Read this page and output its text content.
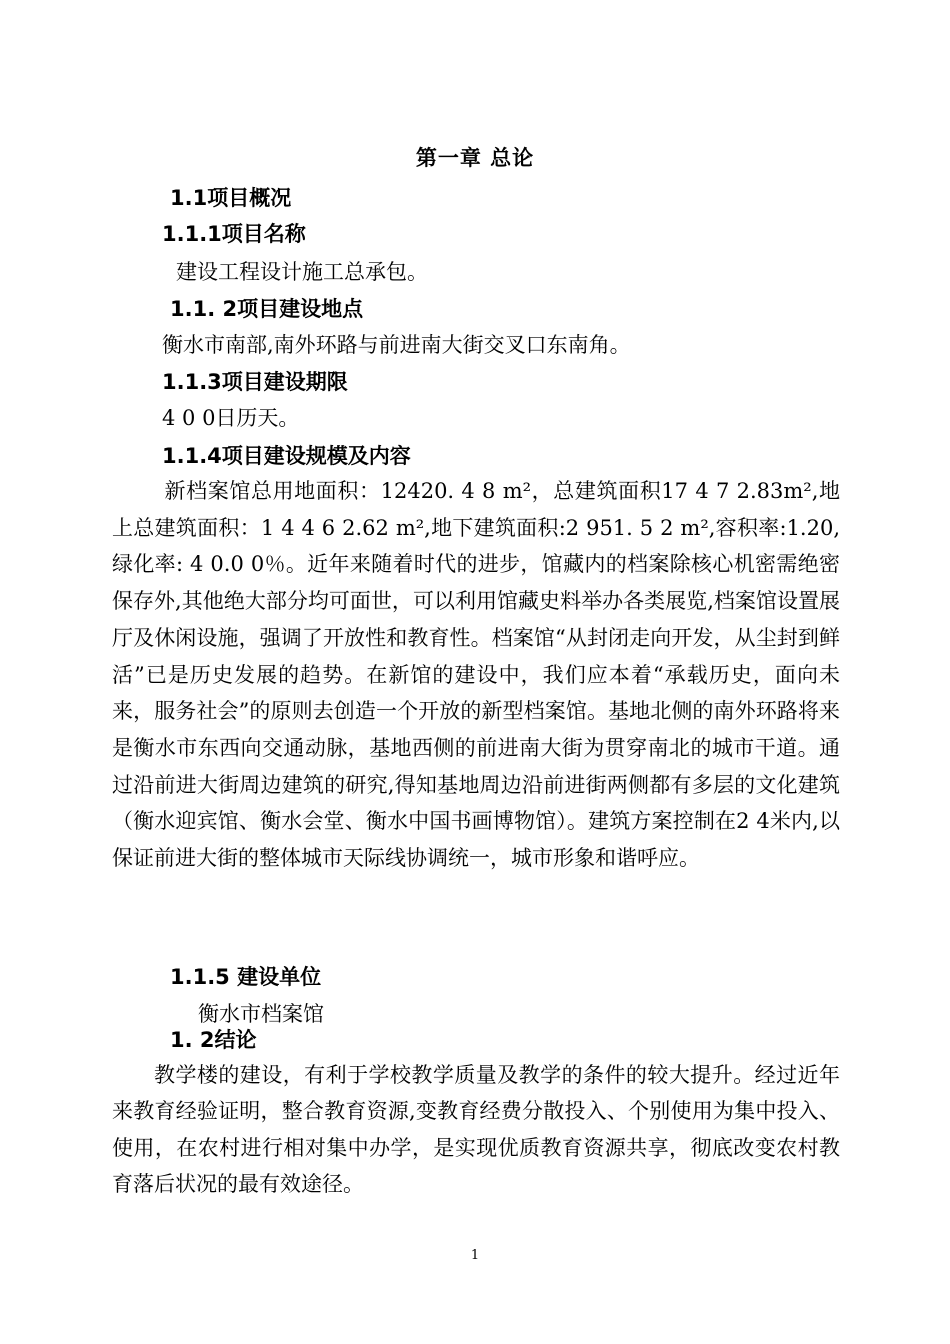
第一章 总论
1.1项目概况
1.1.1项目名称
建设工程设计施工总承包。
1.1. 2项目建设地点
衡水市南部,南外环路与前进南大街交叉口东南角。
1.1.3项目建设期限
4 0 0日历天。
1.1.4项目建设规模及内容

新档案馆总用地面积：12420. 4 8 m²，总建筑面积17 4 7 2.83m²,地上总建筑面积：1 4 4 6 2.62 m²,地下建筑面积:2 951. 5 2 m²,容积率:1.20,绿化率: 4 0.0 0％。近年来随着时代的进步，馆藏内的档案除核心机密需绝密保存外,其他绝大部分均可面世，可以利用馆藏史料举办各类展览,档案馆设置展厅及休闲设施，强调了开放性和教育性。档案馆“从封闭走向开发，从尘封到鲜活”已是历史发展的趋势。在新馆的建设中，我们应本着“承载历史，面向未来，服务社会”的原则去创造一个开放的新型档案馆。基地北侧的南外环路将来是衡水市东西向交通动脉，基地西侧的前进南大街为贯穿南北的城市干道。通过沿前进大街周边建筑的研究,得知基地周边沿前进街两侧都有多层的文化建筑（衡水迎宾馆、衡水会堂、衡水中国书画博物馆）。建筑方案控制在2 4米内,以保证前进大街的整体城市天际线协调统一，城市形象和谐呼应。

1.1.5 建设单位
衡水市档案馆
1. 2结论

教学楼的建设，有利于学校教学质量及教学的条件的较大提升。经过近年来教育经验证明，整合教育资源,变教育经费分散投入、个别使用为集中投入、使用，在农村进行相对集中办学，是实现优质教育资源共享，彻底改变农村教育落后状况的最有效途径。

1
